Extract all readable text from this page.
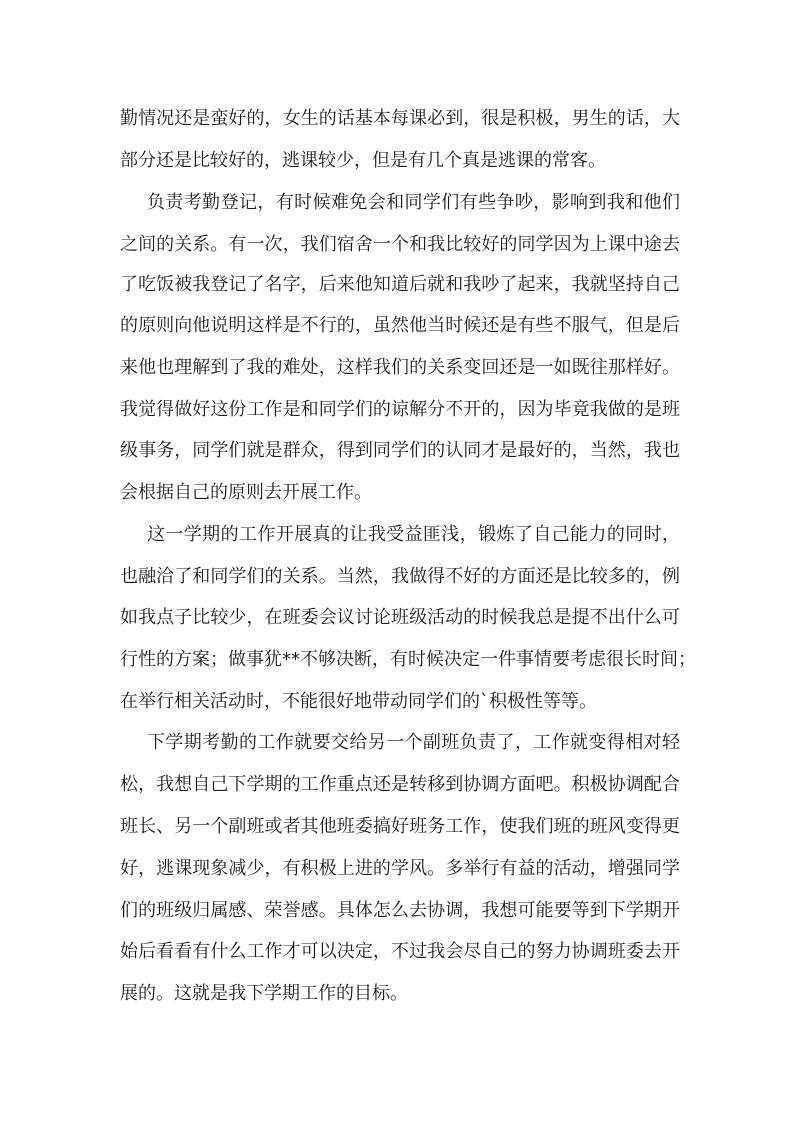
勤情况还是蛮好的，女生的话基本每课必到，很是积极，男生的话，大
部分还是比较好的，逃课较少，但是有几个真是逃课的常客。
负责考勤登记，有时候难免会和同学们有些争吵，影响到我和他们
之间的关系。有一次，我们宿舍一个和我比较好的同学因为上课中途去
了吃饭被我登记了名字，后来他知道后就和我吵了起来，我就坚持自己
的原则向他说明这样是不行的，虽然他当时候还是有些不服气，但是后
来他也理解到了我的难处，这样我们的关系变回还是一如既往那样好。
我觉得做好这份工作是和同学们的谅解分不开的，因为毕竟我做的是班
级事务，同学们就是群众，得到同学们的认同才是最好的，当然，我也
会根据自己的原则去开展工作。
这一学期的工作开展真的让我受益匪浅，锻炼了自己能力的同时，
也融洽了和同学们的关系。当然，我做得不好的方面还是比较多的，例
如我点子比较少，在班委会议讨论班级活动的时候我总是提不出什么可
行性的方案；做事犹**不够决断，有时候决定一件事情要考虑很长时间；
在举行相关活动时，不能很好地带动同学们的`积极性等等。
下学期考勤的工作就要交给另一个副班负责了，工作就变得相对轻
松，我想自己下学期的工作重点还是转移到协调方面吧。积极协调配合
班长、另一个副班或者其他班委搞好班务工作，使我们班的班风变得更
好，逃课现象减少，有积极上进的学风。多举行有益的活动，增强同学
们的班级归属感、荣誉感。具体怎么去协调，我想可能要等到下学期开
始后看看有什么工作才可以决定，不过我会尽自己的努力协调班委去开
展的。这就是我下学期工作的目标。
